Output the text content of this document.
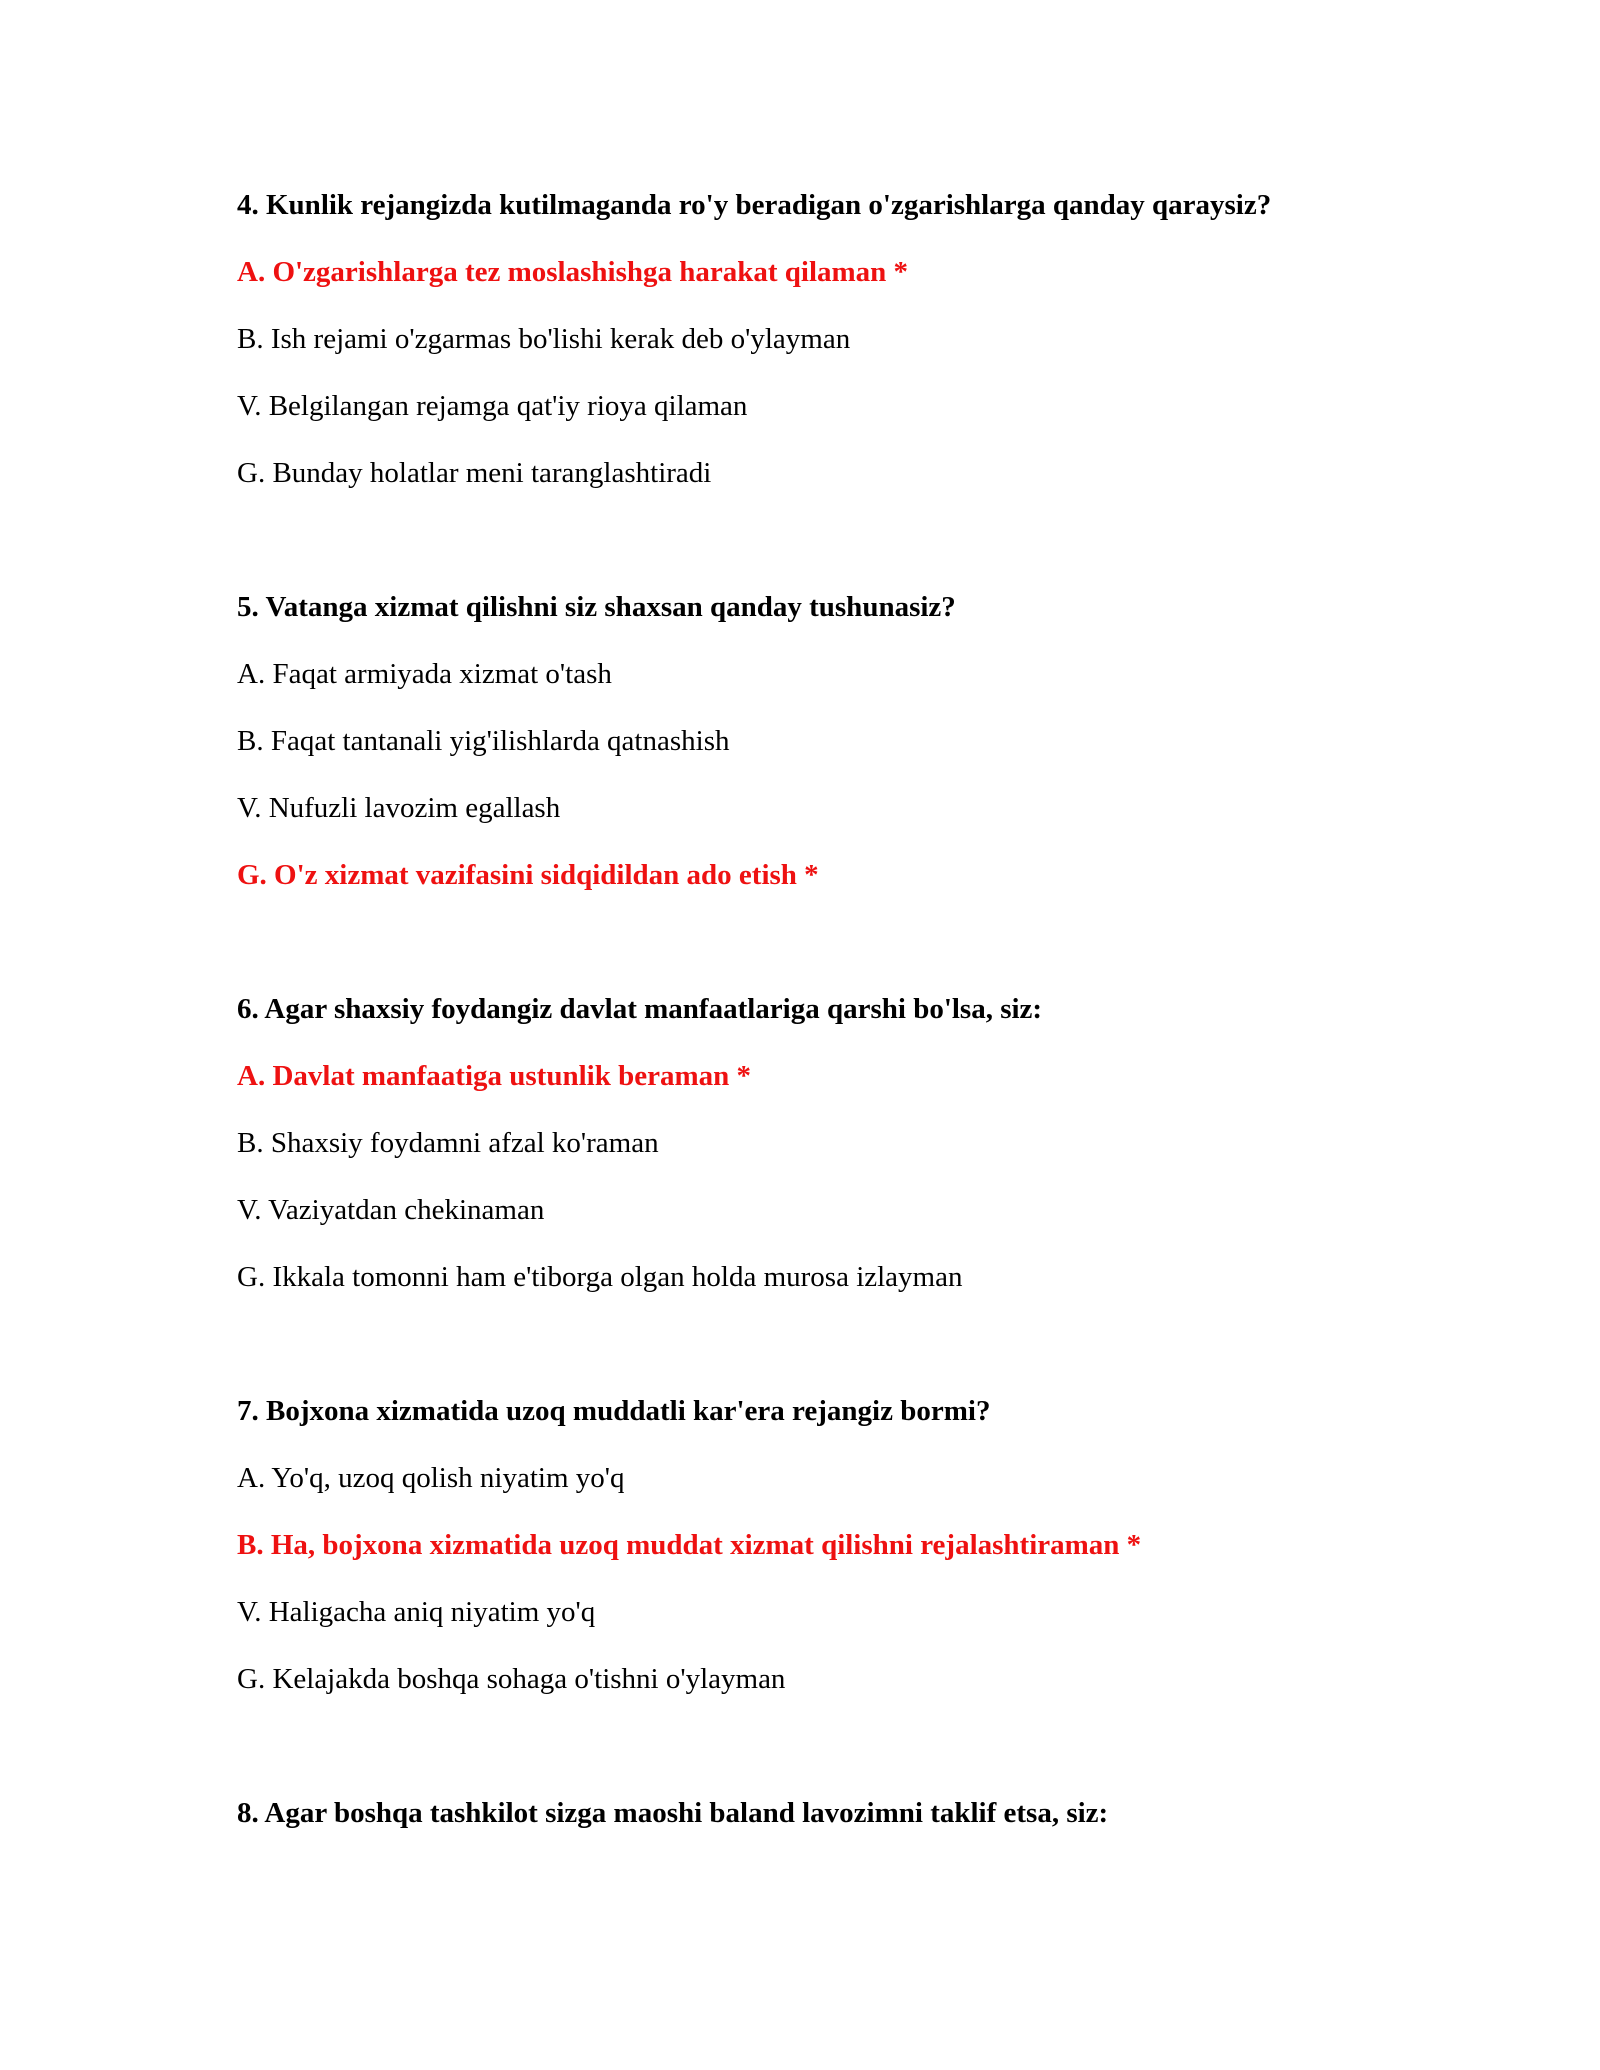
4. Kunlik rejangizda kutilmaganda ro'y beradigan o'zgarishlarga qanday qaraysiz?

A. O'zgarishlarga tez moslashishga harakat qilaman *

B. Ish rejami o'zgarmas bo'lishi kerak deb o'ylayman

V. Belgilangan rejamga qat'iy rioya qilaman

G. Bunday holatlar meni taranglashtiradi

5. Vatanga xizmat qilishni siz shaxsan qanday tushunasiz?

A. Faqat armiyada xizmat o'tash

B. Faqat tantanali yig'ilishlarda qatnashish

V. Nufuzli lavozim egallash

G. O'z xizmat vazifasini sidqidildan ado etish *

6. Agar shaxsiy foydangiz davlat manfaatlariga qarshi bo'lsa, siz:

A. Davlat manfaatiga ustunlik beraman *

B. Shaxsiy foydamni afzal ko'raman

V. Vaziyatdan chekinaman

G. Ikkala tomonni ham e'tiborga olgan holda murosa izlayman

7. Bojxona xizmatida uzoq muddatli kar'era rejangiz bormi?

A. Yo'q, uzoq qolish niyatim yo'q

B. Ha, bojxona xizmatida uzoq muddat xizmat qilishni rejalashtiraman *

V. Haligacha aniq niyatim yo'q

G. Kelajakda boshqa sohaga o'tishni o'ylayman

8. Agar boshqa tashkilot sizga maoshi baland lavozimni taklif etsa, siz:
